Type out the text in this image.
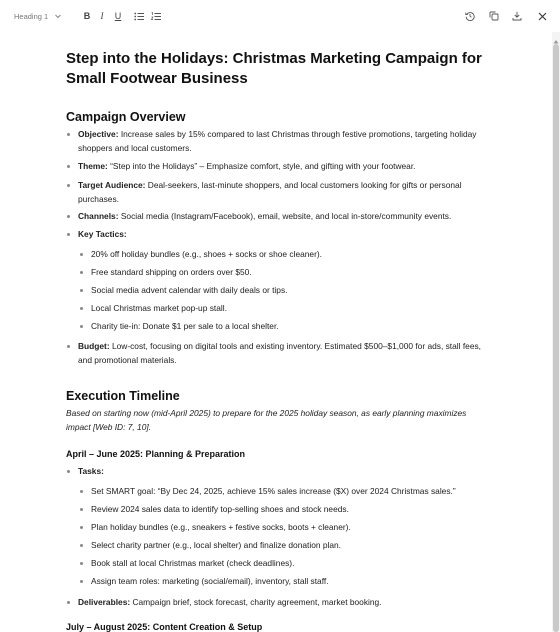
Heading 1	B I U
Step into the Holidays: Christmas Marketing Campaign for Small Footwear Business
Campaign Overview
Objective: Increase sales by 15% compared to last Christmas through festive promotions, targeting holiday shoppers and local customers.
Theme: “Step into the Holidays” – Emphasize comfort, style, and gifting with your footwear.
Target Audience: Deal-seekers, last-minute shoppers, and local customers looking for gifts or personal purchases.
Channels: Social media (Instagram/Facebook), email, website, and local in-store/community events.
Key Tactics:
20% off holiday bundles (e.g., shoes + socks or shoe cleaner).
Free standard shipping on orders over $50.
Social media advent calendar with daily deals or tips.
Local Christmas market pop-up stall.
Charity tie-in: Donate $1 per sale to a local shelter.
Budget: Low-cost, focusing on digital tools and existing inventory. Estimated $500–$1,000 for ads, stall fees, and promotional materials.
Execution Timeline
Based on starting now (mid-April 2025) to prepare for the 2025 holiday season, as early planning maximizes impact [Web ID: 7, 10].
April – June 2025: Planning & Preparation
Tasks:
Set SMART goal: “By Dec 24, 2025, achieve 15% sales increase ($X) over 2024 Christmas sales.”
Review 2024 sales data to identify top-selling shoes and stock needs.
Plan holiday bundles (e.g., sneakers + festive socks, boots + cleaner).
Select charity partner (e.g., local shelter) and finalize donation plan.
Book stall at local Christmas market (check deadlines).
Assign team roles: marketing (social/email), inventory, stall staff.
Deliverables: Campaign brief, stock forecast, charity agreement, market booking.
July – August 2025: Content Creation & Setup
